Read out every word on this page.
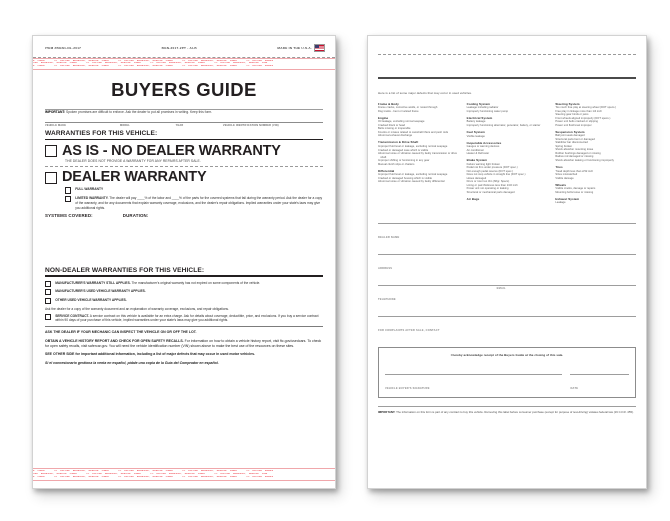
ITEM #BGN1-NL-2017	BGN-2017-2PT - AI-B	MADE IN THE U.S.A.
E LINER   TO EXPOSE ADHESIVE, REMOVE LINER   TO EXPOSE ADHESIVE, REMOVE LINER   TO EXPOSE ADHESIVE, REMOVE LINER   TO EXPOSE ADHES
OSE ADHESIVE, REMOVE LINER   TO EXPOSE ADHESIVE, REMOVE LINER   TO EXPOSE ADHESIVE, REMOVE LINER   TO EXPOSE ADHESIVE, REMOVE LINE
E LINER   TO EXPOSE ADHESIVE, REMOVE LINER   TO EXPOSE ADHESIVE, REMOVE LINER   TO EXPOSE ADHESIVE, REMOVE LINER   TO EXPOSE ADHES
BUYERS GUIDE
IMPORTANT: Spoken promises are difficult to enforce. Ask the dealer to put all promises in writing. Keep this form.
VEHICLE MAKE	MODEL	YEAR	VEHICLE IDENTIFICATION NUMBER (VIN)
WARRANTIES FOR THIS VEHICLE:
AS IS - NO DEALER WARRANTY
THE DEALER DOES NOT PROVIDE A WARRANTY FOR ANY REPAIRS AFTER SALE.
DEALER WARRANTY
FULL WARRANTY
LIMITED WARRANTY. The dealer will pay ____% of the labor and ____% of the parts for the covered systems that fail during the warranty period. Ask the dealer for a copy of the warranty, and for any documents that explain warranty coverage, exclusions, and the dealer's repair obligations. Implied warranties under your state's laws may give you additional rights.
SYSTEMS COVERED:	DURATION:
NON-DEALER WARRANTIES FOR THIS VEHICLE:
MANUFACTURER'S WARRANTY STILL APPLIES. The manufacturer's original warranty has not expired on some components of the vehicle.
MANUFACTURER'S USED VEHICLE WARRANTY APPLIES.
OTHER USED VEHICLE WARRANTY APPLIES.
Ask the dealer for a copy of the warranty document and an explanation of warranty coverage, exclusions, and repair obligations.
SERVICE CONTRACT. A service contract on this vehicle is available for an extra charge. Ask for details about coverage, deductible, price, and exclusions. If you buy a service contract within 90 days of your purchase of this vehicle, implied warranties under your state's laws may give you additional rights.
ASK THE DEALER IF YOUR MECHANIC CAN INSPECT THE VEHICLE ON OR OFF THE LOT.
OBTAIN A VEHICLE HISTORY REPORT AND CHECK FOR OPEN SAFETY RECALLS. For information on how to obtain a vehicle history report, visit ftc.gov/usedcars. To check for open safety recalls, visit safercar.gov. You will need the vehicle identification number (VIN) shown above to make the best use of the resources on these sites.
SEE OTHER SIDE for important additional information, including a list of major defects that may occur in used motor vehicles.
Si el concesionario gestiona la venta en español, pídale una copia de la Guía del Comprador en español.
E LINER   TO EXPOSE ADHESIVE, REMOVE LINER   TO EXPOSE ADHESIVE, REMOVE LINER   TO EXPOSE ADHESIVE, REMOVE LINER   TO EXPOSE ADHES
OSE ADHESIVE, REMOVE LINER   TO EXPOSE ADHESIVE, REMOVE LINER   TO EXPOSE ADHESIVE, REMOVE LINER   TO EXPOSE ADHESIVE, REMOVE LINE
E LINER   TO EXPOSE ADHESIVE, REMOVE LINER   TO EXPOSE ADHESIVE, REMOVE LINER   TO EXPOSE ADHESIVE, REMOVE LINER   TO EXPOSE ADHES
Here is a list of some major defects that may occur in used vehicles.
Frame & Body
Frame cracks, corrective welds, or rusted through
Dog tracks - bent or twisted frame
Engine
Oil leakage, excluding normal seepage
Cracked block or head
Belts missing or inoperable
Knocks or misses related to camshaft lifters and push rods
Abnormal exhaust discharge
Transmission & Drive Shaft
Improper fluid level or leakage, excluding normal seepage
Cracked or damaged case which is visible
Abnormal noise or vibration caused by faulty transmission or drive shaft
Improper shifting or functioning in any gear
Manual clutch slips or chatters
Differential
Improper fluid level or leakage, excluding normal seepage
Cracked or damaged housing which is visible
Abnormal noise or vibration caused by faulty differential
Cooling System
Leakage including radiator
Improperly functioning water pump
Electrical System
Battery leakage
Improperly functioning alternator, generator, battery, or starter
Fuel System
Visible leakage
Inoperable Accessories
Gauges or warning devices
Air conditioner
Heater & Defroster
Brake System
Failure warning light broken
Pedal not firm under pressure (DOT spec.)
Not enough pedal reserve (DOT spec.)
Does not stop vehicle in straight line (DOT spec.)
Hoses damaged
Drum or rotor too thin (Mfgr. Specs)
Lining or pad thickness less than 1/32 inch
Power unit not operating or leaking
Structural or mechanical parts damaged
Air Bags
Steering System
Too much free play at steering wheel (DOT specs.)
Free play in linkage more than 1/4 inch
Steering gear binds or jams
Front wheels aligned improperly (DOT specs.)
Power unit belts cracked or slipping
Power unit fluid level improper
Suspension System
Ball joint seals damaged
Structural parts bent or damaged
Stabilizer bar disconnected
Spring broken
Shock absorber mounting loose
Rubber bushings damaged or missing
Radius rod damaged or missing
Shock absorber leaking or functioning improperly
Tires
Tread depth less than 2/32 inch
Sizes mismatched
Visible damage
Wheels
Visible cracks, damage or repairs
Mounting bolts loose or missing
Exhaust System
Leakage
DEALER NAME
ADDRESS
TELEPHONE
EMAIL
FOR COMPLAINTS AFTER SALE, CONTACT
I hereby acknowledge receipt of the Buyers Guide at the closing of this sale.
VEHICLE BUYER'S SIGNATURE	DATE

IMPORTANT: The information on this form is part of any contract to buy this vehicle. Removing this label before consumer purchase (except for purpose of test-driving) violates federal law (16 C.F.R. 455).
